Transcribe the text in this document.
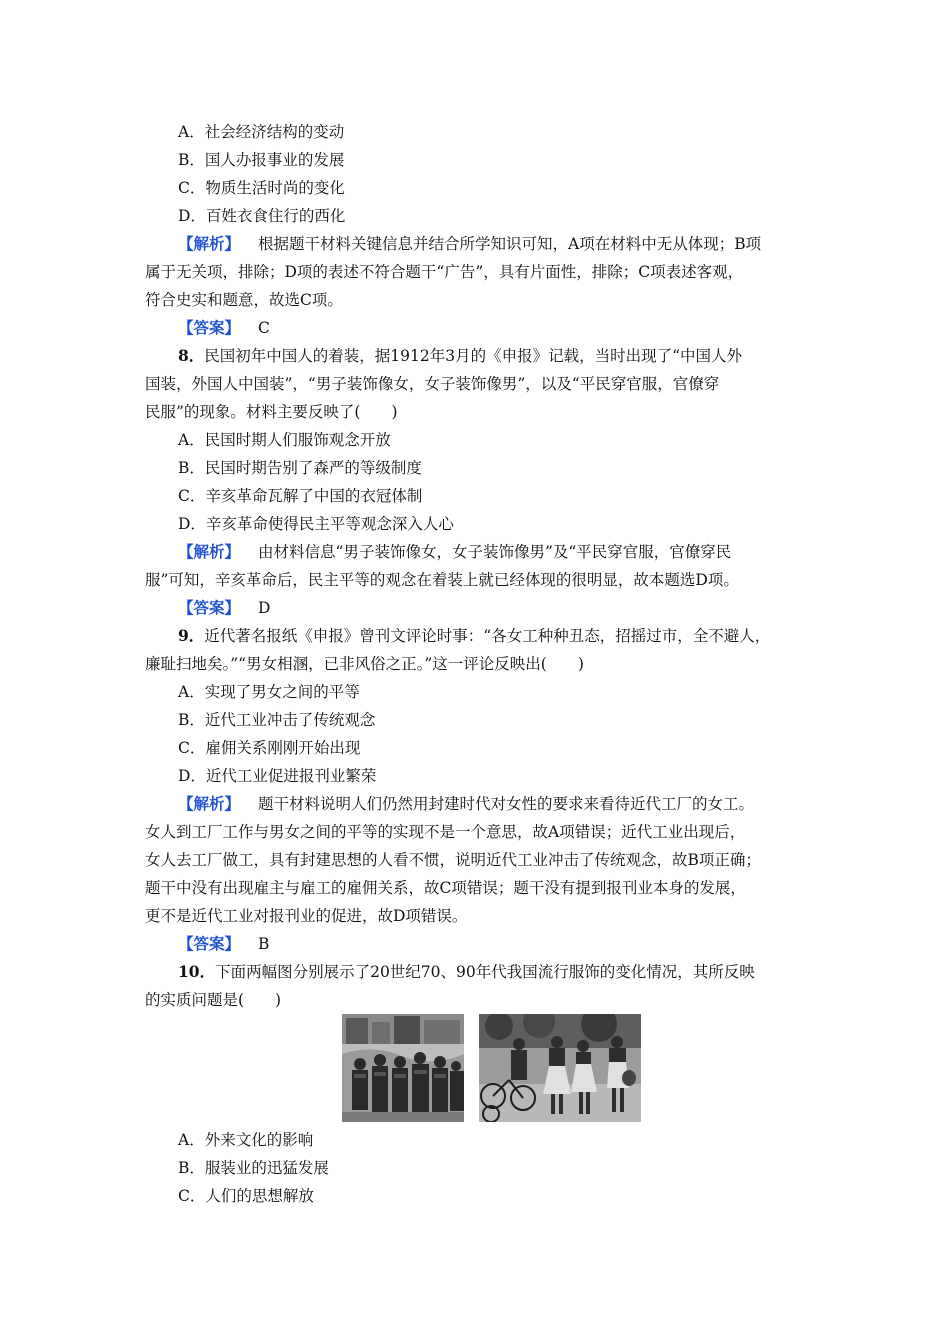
A．社会经济结构的变动
B．国人办报事业的发展
C．物质生活时尚的变化
D．百姓衣食住行的西化
【解析】 根据题干材料关键信息并结合所学知识可知，A项在材料中无从体现；B项
属于无关项，排除；D项的表述不符合题干“广告”，具有片面性，排除；C项表述客观，
符合史实和题意，故选C项。
【答案】 C
8．民国初年中国人的着装，据1912年3月的《申报》记载，当时出现了“中国人外
国装，外国人中国装”，“男子装饰像女，女子装饰像男”，以及“平民穿官服，官僚穿
民服”的现象。材料主要反映了(　　)
A．民国时期人们服饰观念开放
B．民国时期告别了森严的等级制度
C．辛亥革命瓦解了中国的衣冠体制
D．辛亥革命使得民主平等观念深入人心
【解析】 由材料信息“男子装饰像女，女子装饰像男”及“平民穿官服，官僚穿民
服”可知，辛亥革命后，民主平等的观念在着装上就已经体现的很明显，故本题选D项。
【答案】 D
9．近代著名报纸《申报》曾刊文评论时事：“各女工种种丑态，招摇过市，全不避人，
廉耻扫地矣。”“男女相溷，已非风俗之正。”这一评论反映出(　　)
A．实现了男女之间的平等
B．近代工业冲击了传统观念
C．雇佣关系刚刚开始出现
D．近代工业促进报刊业繁荣
【解析】 题干材料说明人们仍然用封建时代对女性的要求来看待近代工厂的女工。
女人到工厂工作与男女之间的平等的实现不是一个意思，故A项错误；近代工业出现后，
女人去工厂做工，具有封建思想的人看不惯，说明近代工业冲击了传统观念，故B项正确；
题干中没有出现雇主与雇工的雇佣关系，故C项错误；题干没有提到报刊业本身的发展，
更不是近代工业对报刊业的促进，故D项错误。
【答案】 B
10．下面两幅图分别展示了20世纪70、90年代我国流行服饰的变化情况，其所反映
的实质问题是(　　)
A．外来文化的影响
B．服装业的迅猛发展
C．人们的思想解放
